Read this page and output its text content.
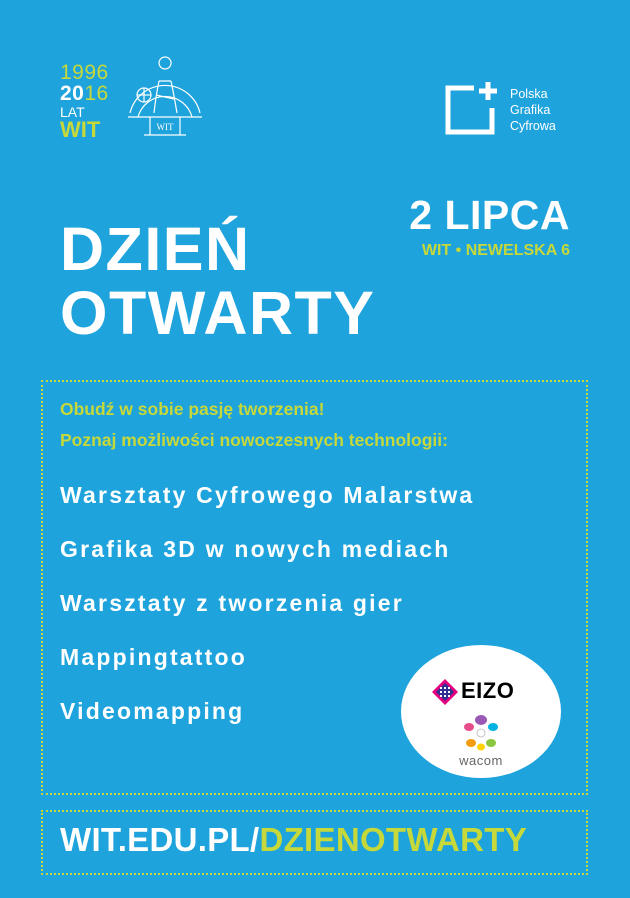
1996
2016
LAT
WIT	WIT
Polska
Grafika
Cyfrowa
2 LIPCA
WIT • NEWELSKA 6
DZIEŃ
OTWARTY
Obudź w sobie pasję tworzenia!
Poznaj możliwości nowoczesnych technologii:
Warsztaty Cyfrowego Malarstwa
Grafika 3D w nowych mediach
Warsztaty z tworzenia gier
Mappingtattoo
Videomapping
EIZO
wacom
WIT.EDU.PL/DZIENOTWARTY
